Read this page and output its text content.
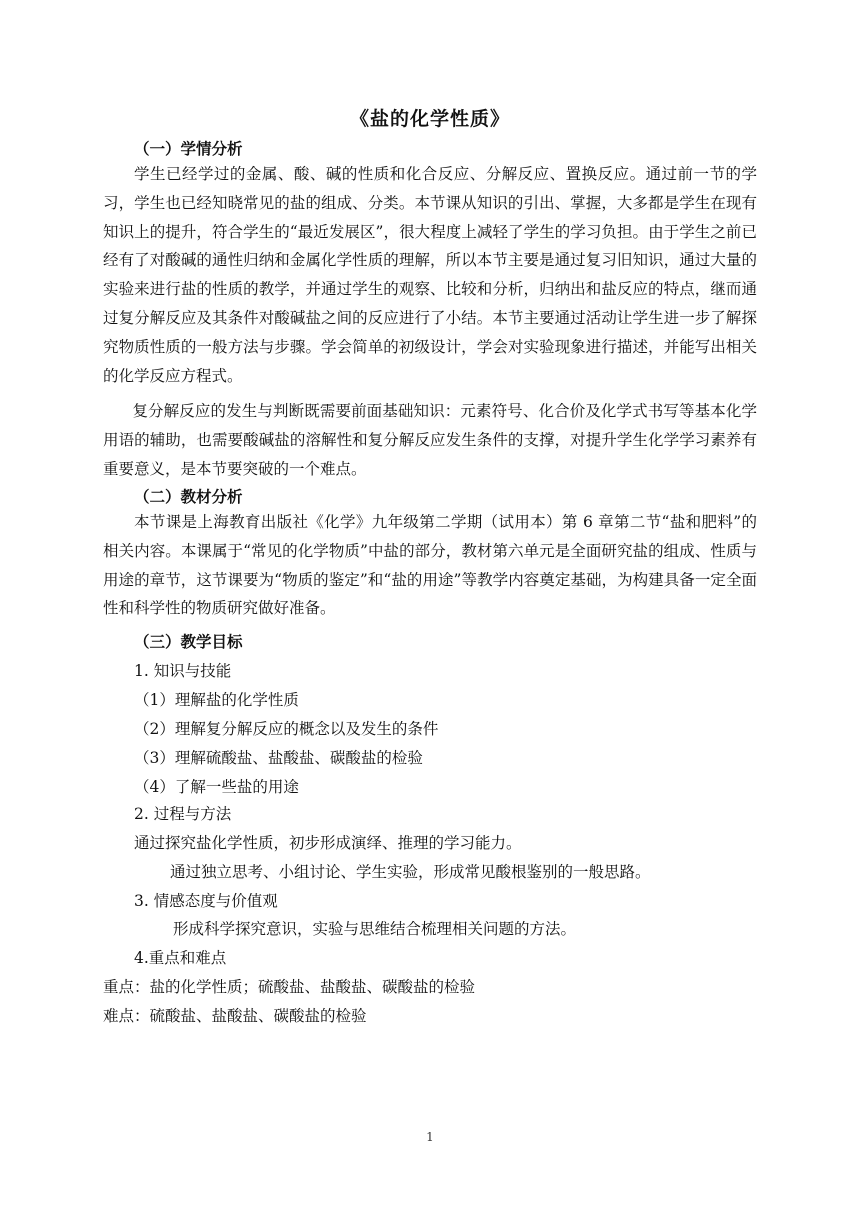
《盐的化学性质》
（一）学情分析

学生已经学过的金属、酸、碱的性质和化合反应、分解反应、置换反应。通过前一节的学习，学生也已经知晓常见的盐的组成、分类。本节课从知识的引出、掌握，大多都是学生在现有知识上的提升，符合学生的“最近发展区”，很大程度上减轻了学生的学习负担。由于学生之前已经有了对酸碱的通性归纳和金属化学性质的理解，所以本节主要是通过复习旧知识，通过大量的实验来进行盐的性质的教学，并通过学生的观察、比较和分析，归纳出和盐反应的特点，继而通过复分解反应及其条件对酸碱盐之间的反应进行了小结。本节主要通过活动让学生进一步了解探究物质性质的一般方法与步骤。学会简单的初级设计，学会对实验现象进行描述，并能写出相关的化学反应方程式。

复分解反应的发生与判断既需要前面基础知识：元素符号、化合价及化学式书写等基本化学用语的辅助，也需要酸碱盐的溶解性和复分解反应发生条件的支撑，对提升学生化学学习素养有重要意义，是本节要突破的一个难点。

（二）教材分析

本节课是上海教育出版社《化学》九年级第二学期（试用本）第 6 章第二节“盐和肥料”的相关内容。本课属于“常见的化学物质”中盐的部分，教材第六单元是全面研究盐的组成、性质与用途的章节，这节课要为“物质的鉴定”和“盐的用途”等教学内容奠定基础，为构建具备一定全面性和科学性的物质研究做好准备。

（三）教学目标
1. 知识与技能
（1）理解盐的化学性质
（2）理解复分解反应的概念以及发生的条件
（3）理解硫酸盐、盐酸盐、碳酸盐的检验
（4）了解一些盐的用途
2. 过程与方法
通过探究盐化学性质，初步形成演绎、推理的学习能力。
通过独立思考、小组讨论、学生实验，形成常见酸根鉴别的一般思路。
3. 情感态度与价值观
形成科学探究意识，实验与思维结合梳理相关问题的方法。
4.重点和难点
重点：盐的化学性质；硫酸盐、盐酸盐、碳酸盐的检验
难点：硫酸盐、盐酸盐、碳酸盐的检验
1
